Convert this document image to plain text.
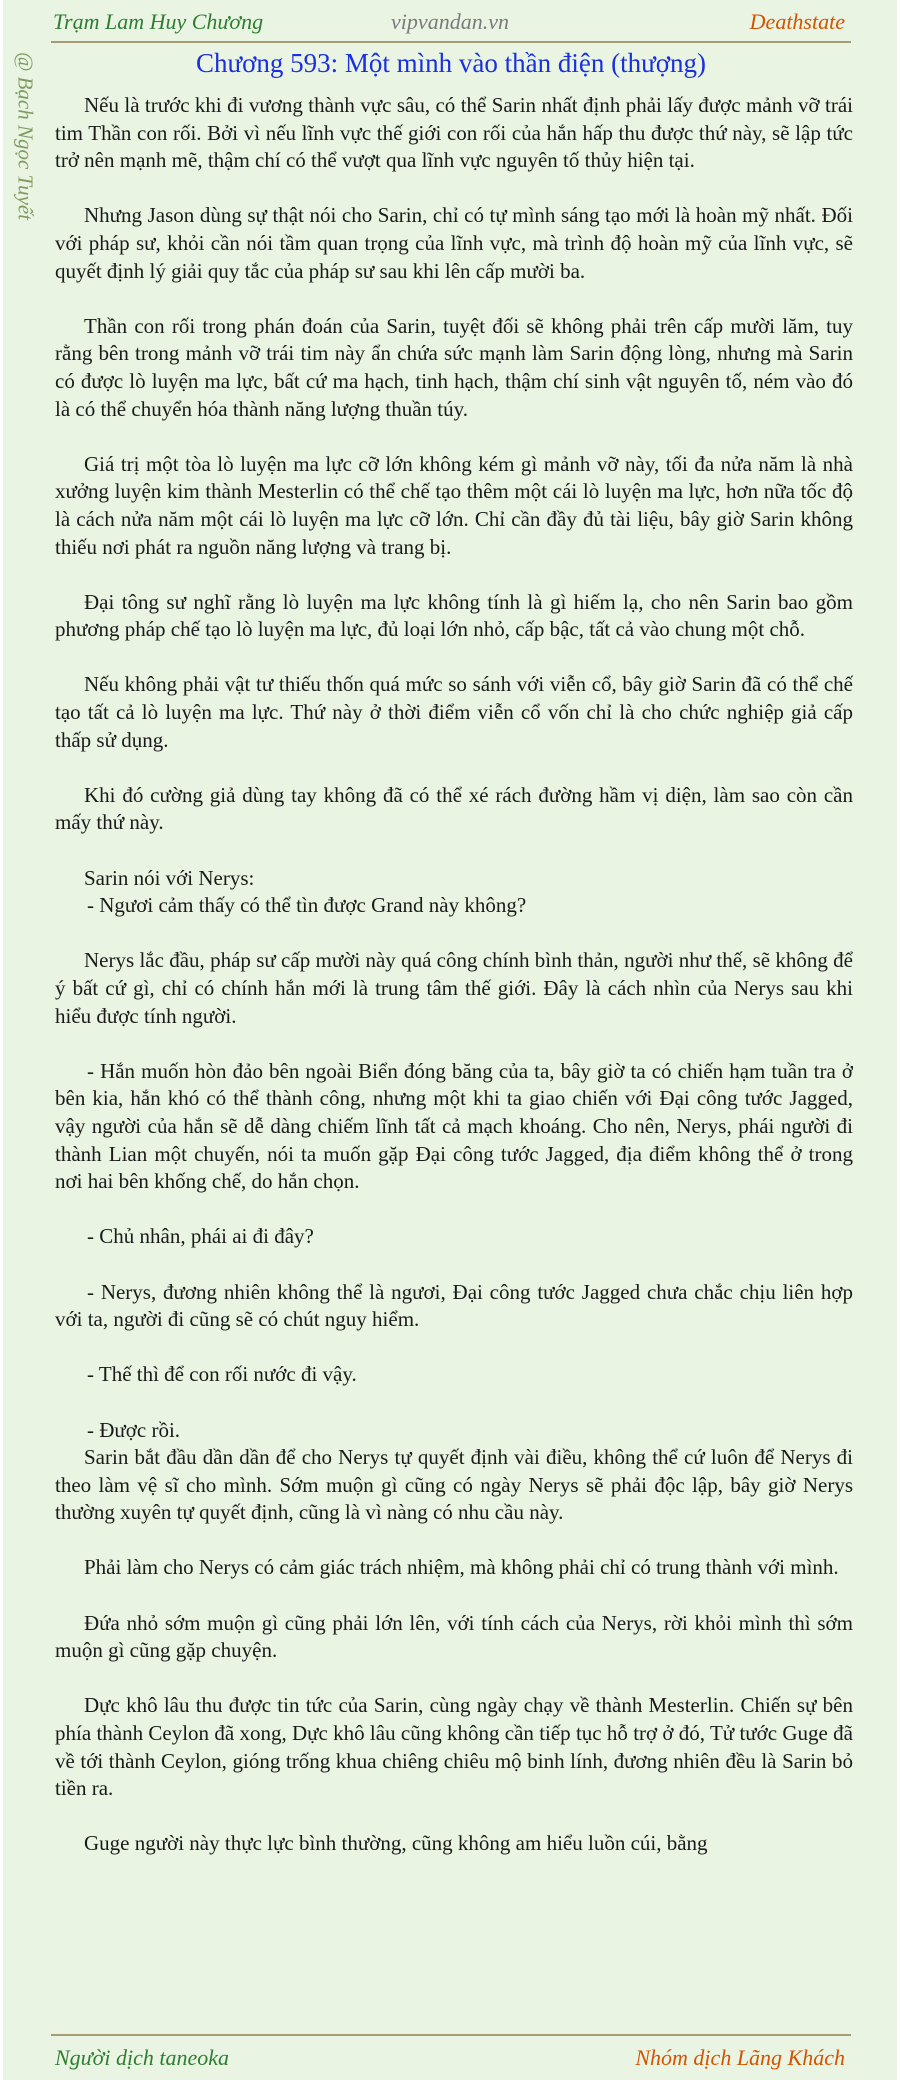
Trạm Lam Huy Chương	vipvandan.vn	Deathstate
@ Bạch Ngọc Tuyết	Chương 593: Một mình vào thần điện (thượng)

Nếu là trước khi đi vương thành vực sâu, có thể Sarin nhất định phải lấy được mảnh vỡ trái tim Thần con rối. Bởi vì nếu lĩnh vực thế giới con rối của hắn hấp thu được thứ này, sẽ lập tức trở nên mạnh mẽ, thậm chí có thể vượt qua lĩnh vực nguyên tố thủy hiện tại.

Nhưng Jason dùng sự thật nói cho Sarin, chỉ có tự mình sáng tạo mới là hoàn mỹ nhất. Đối với pháp sư, khỏi cần nói tầm quan trọng của lĩnh vực, mà trình độ hoàn mỹ của lĩnh vực, sẽ quyết định lý giải quy tắc của pháp sư sau khi lên cấp mười ba.

Thần con rối trong phán đoán của Sarin, tuyệt đối sẽ không phải trên cấp mười lăm, tuy rằng bên trong mảnh vỡ trái tim này ẩn chứa sức mạnh làm Sarin động lòng, nhưng mà Sarin có được lò luyện ma lực, bất cứ ma hạch, tinh hạch, thậm chí sinh vật nguyên tố, ném vào đó là có thể chuyển hóa thành năng lượng thuần túy.

Giá trị một tòa lò luyện ma lực cỡ lớn không kém gì mảnh vỡ này, tối đa nửa năm là nhà xưởng luyện kim thành Mesterlin có thể chế tạo thêm một cái lò luyện ma lực, hơn nữa tốc độ là cách nửa năm một cái lò luyện ma lực cỡ lớn. Chỉ cần đầy đủ tài liệu, bây giờ Sarin không thiếu nơi phát ra nguồn năng lượng và trang bị.

Đại tông sư nghĩ rằng lò luyện ma lực không tính là gì hiếm lạ, cho nên Sarin bao gồm phương pháp chế tạo lò luyện ma lực, đủ loại lớn nhỏ, cấp bậc, tất cả vào chung một chỗ.

Nếu không phải vật tư thiếu thốn quá mức so sánh với viễn cổ, bây giờ Sarin đã có thể chế tạo tất cả lò luyện ma lực. Thứ này ở thời điểm viễn cổ vốn chỉ là cho chức nghiệp giả cấp thấp sử dụng.

Khi đó cường giả dùng tay không đã có thể xé rách đường hầm vị diện, làm sao còn cần mấy thứ này.

Sarin nói với Nerys:

- Ngươi cảm thấy có thể tìn được Grand này không?

Nerys lắc đầu, pháp sư cấp mười này quá công chính bình thản, người như thế, sẽ không để ý bất cứ gì, chỉ có chính hắn mới là trung tâm thế giới. Đây là cách nhìn của Nerys sau khi hiểu được tính người.

- Hắn muốn hòn đảo bên ngoài Biển đóng băng của ta, bây giờ ta có chiến hạm tuần tra ở bên kia, hắn khó có thể thành công, nhưng một khi ta giao chiến với Đại công tước Jagged, vậy người của hắn sẽ dễ dàng chiếm lĩnh tất cả mạch khoáng. Cho nên, Nerys, phái người đi thành Lian một chuyến, nói ta muốn gặp Đại công tước Jagged, địa điểm không thể ở trong nơi hai bên khống chế, do hắn chọn.

- Chủ nhân, phái ai đi đây?

- Nerys, đương nhiên không thể là ngươi, Đại công tước Jagged chưa chắc chịu liên hợp với ta, người đi cũng sẽ có chút nguy hiểm.

- Thế thì để con rối nước đi vậy.

- Được rồi.

Sarin bắt đầu dần dần để cho Nerys tự quyết định vài điều, không thể cứ luôn để Nerys đi theo làm vệ sĩ cho mình. Sớm muộn gì cũng có ngày Nerys sẽ phải độc lập, bây giờ Nerys thường xuyên tự quyết định, cũng là vì nàng có nhu cầu này.

Phải làm cho Nerys có cảm giác trách nhiệm, mà không phải chỉ có trung thành với mình.

Đứa nhỏ sớm muộn gì cũng phải lớn lên, với tính cách của Nerys, rời khỏi mình thì sớm muộn gì cũng gặp chuyện.

Dực khô lâu thu được tin tức của Sarin, cùng ngày chạy về thành Mesterlin. Chiến sự bên phía thành Ceylon đã xong, Dực khô lâu cũng không cần tiếp tục hỗ trợ ở đó, Tử tước Guge đã về tới thành Ceylon, gióng trống khua chiêng chiêu mộ binh lính, đương nhiên đều là Sarin bỏ tiền ra.

Guge người này thực lực bình thường, cũng không am hiểu luồn cúi, bằng

Người dịch taneoka	Nhóm dịch Lãng Khách
